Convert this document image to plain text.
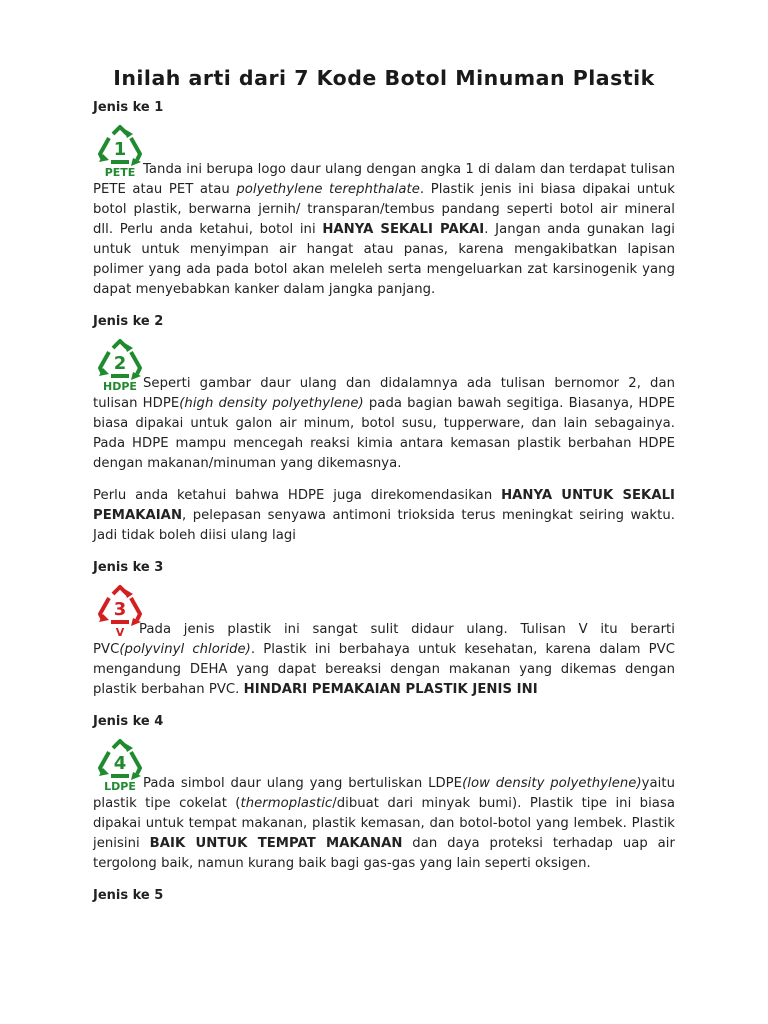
Inilah arti dari 7 Kode Botol Minuman Plastik
Jenis ke 1
1
PETE Tanda ini berupa logo daur ulang dengan angka 1 di dalam dan terdapat tulisan PETE atau PET atau polyethylene terephthalate. Plastik jenis ini biasa dipakai untuk botol plastik, berwarna jernih/ transparan/tembus pandang seperti botol air mineral dll. Perlu anda ketahui, botol ini HANYA SEKALI PAKAI. Jangan anda gunakan lagi untuk untuk menyimpan air hangat atau panas, karena mengakibatkan lapisan polimer yang ada pada botol akan meleleh serta mengeluarkan zat karsinogenik yang dapat menyebabkan kanker dalam jangka panjang.

Jenis ke 2
2
HDPE Seperti gambar daur ulang dan didalamnya ada tulisan bernomor 2, dan tulisan HDPE(high density polyethylene) pada bagian bawah segitiga. Biasanya, HDPE biasa dipakai untuk galon air minum, botol susu, tupperware, dan lain sebagainya. Pada HDPE mampu mencegah reaksi kimia antara kemasan plastik berbahan HDPE dengan makanan/minuman yang dikemasnya.

Perlu anda ketahui bahwa HDPE juga direkomendasikan HANYA UNTUK SEKALI PEMAKAIAN, pelepasan senyawa antimoni trioksida terus meningkat seiring waktu. Jadi tidak boleh diisi ulang lagi

Jenis ke 3
3
V	Pada jenis plastik ini sangat sulit didaur ulang. Tulisan V itu berarti PVC(polyvinyl chloride). Plastik ini berbahaya untuk kesehatan, karena dalam PVC mengandung DEHA yang dapat bereaksi dengan makanan yang dikemas dengan plastik berbahan PVC. HINDARI PEMAKAIAN PLASTIK JENIS INI

Jenis ke 4
4
LDPE Pada simbol daur ulang yang bertuliskan LDPE(low density polyethylene)yaitu plastik tipe cokelat (thermoplastic/dibuat dari minyak bumi). Plastik tipe ini biasa dipakai untuk tempat makanan, plastik kemasan, dan botol-botol yang lembek. Plastik jenisini BAIK UNTUK TEMPAT MAKANAN dan daya proteksi terhadap uap air tergolong baik, namun kurang baik bagi gas-gas yang lain seperti oksigen.

Jenis ke 5
